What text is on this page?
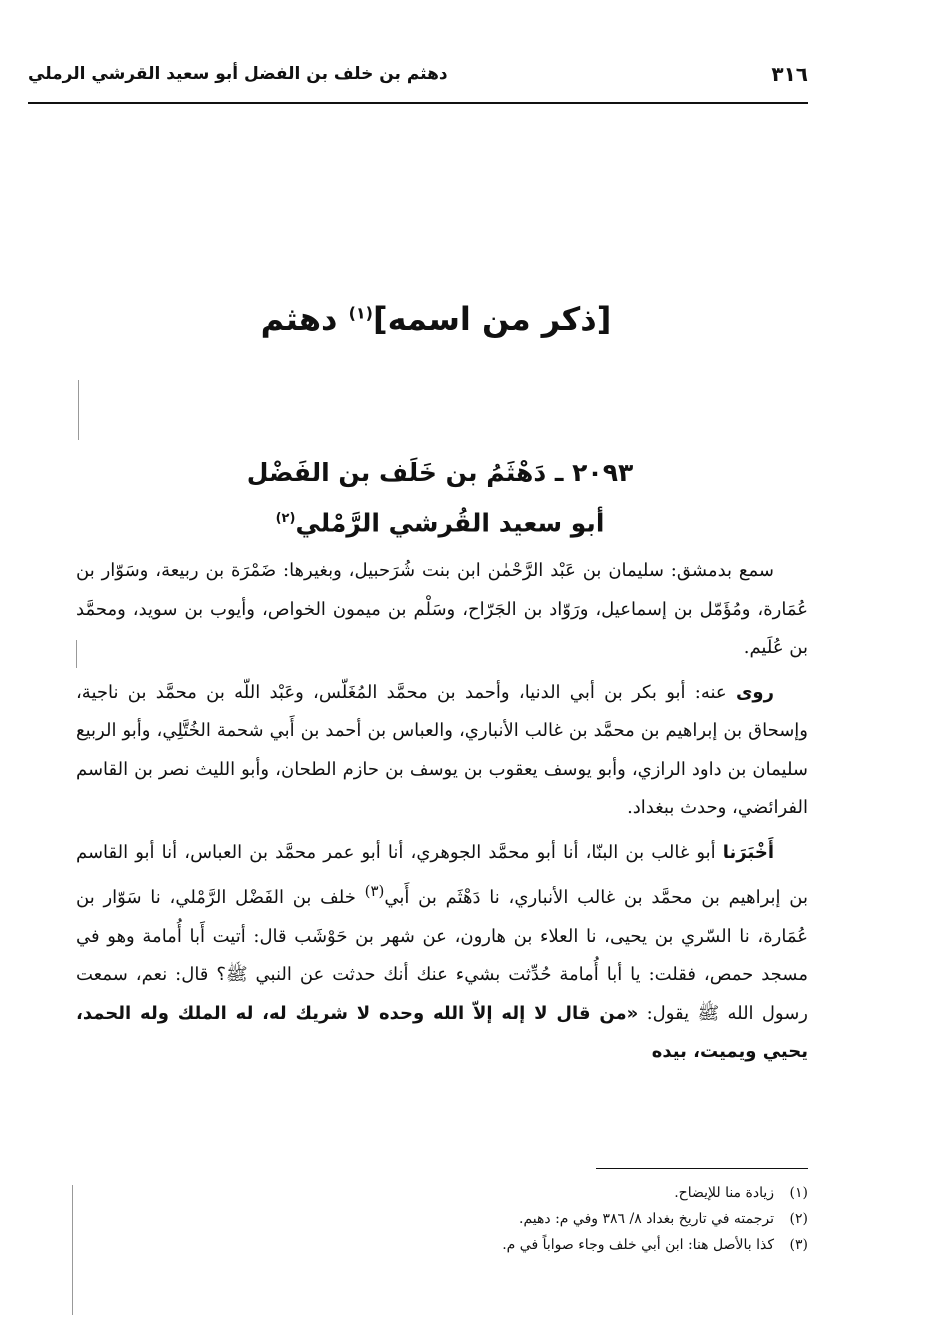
٣١٦
دهثم بن خلف بن الفضل أبو سعيد القرشي الرملي
[ذكر من اسمه]$^{(١)}$ دهثم
٢٠٩٣ ـ دَهْثَمُ بن خَلَف بن الفَضْل
أبو سعيد القُرشي الرَّمْلي$^{(٢)}$

سمع بدمشق: سليمان بن عَبْد الرَّحْمٰن ابن بنت شُرَحبيل، وبغيرها: ضَمْرَة بن ربيعة، وسَوّار بن عُمَارة، ومُؤَمّل بن إسماعيل، ورَوّاد بن الجَرّاح، وسَلْم بن ميمون الخواص، وأيوب بن سويد، ومحمَّد بن عُلَيم.

روى عنه: أبو بكر بن أبي الدنيا، وأحمد بن محمَّد المُغَلّس، وعَبْد اللّه بن محمَّد بن ناجية، وإسحاق بن إبراهيم بن محمَّد بن غالب الأنباري، والعباس بن أحمد بن أَبي شحمة الخُتَّلِي، وأبو الربيع سليمان بن داود الرازي، وأبو يوسف يعقوب بن يوسف بن حازم الطحان، وأبو الليث نصر بن القاسم الفرائضي، وحدث ببغداد.

أَخْبَرَنا أبو غالب بن البنّا، أنا أبو محمَّد الجوهري، أنا أبو عمر محمَّد بن العباس، أنا أبو القاسم بن إبراهيم بن محمَّد بن غالب الأنباري، نا دَهْثَم بن أَبي$^{(٣)}$ خلف بن الفَضْل الرَّمْلي، نا سَوّار بن عُمَارة، نا السّري بن يحيى، نا العلاء بن هارون، عن شهر بن حَوْشَب قال: أتيت أَبا أُمامة وهو في مسجد حمص، فقلت: يا أبا أُمامة حُدِّثت بشيء عنك أنك حدثت عن النبي ﷺ؟ قال: نعم، سمعت رسول الله ﷺ يقول: «من قال لا إله إلاّ الله وحده لا شريك له، له الملك وله الحمد، يحيي ويميت، بيده

(١)زيادة منا للإيضاح.
(٢)ترجمته في تاريخ بغداد ٨/ ٣٨٦ وفي م: دهيم.
(٣)كذا بالأصل هنا: ابن أبي خلف وجاء صواباً في م.
